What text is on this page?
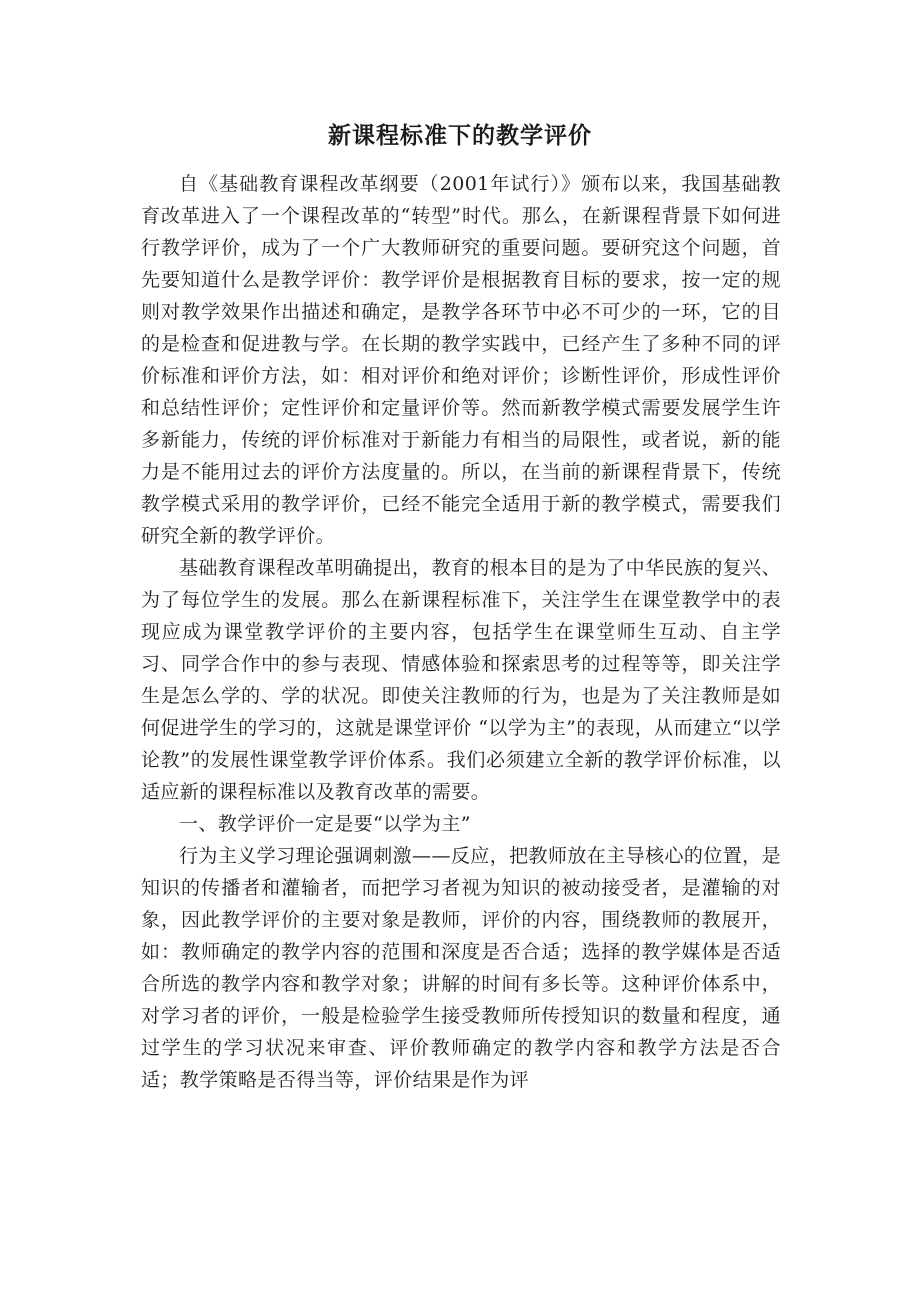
新课程标准下的教学评价

自《基础教育课程改革纲要（2001年试行）》颁布以来，我国基础教育改革进入了一个课程改革的“转型”时代。那么，在新课程背景下如何进行教学评价，成为了一个广大教师研究的重要问题。要研究这个问题，首先要知道什么是教学评价：教学评价是根据教育目标的要求，按一定的规则对教学效果作出描述和确定，是教学各环节中必不可少的一环，它的目的是检查和促进教与学。在长期的教学实践中，已经产生了多种不同的评价标准和评价方法，如：相对评价和绝对评价；诊断性评价，形成性评价和总结性评价；定性评价和定量评价等。然而新教学模式需要发展学生许多新能力，传统的评价标准对于新能力有相当的局限性，或者说，新的能力是不能用过去的评价方法度量的。所以，在当前的新课程背景下，传统教学模式采用的教学评价，已经不能完全适用于新的教学模式，需要我们研究全新的教学评价。

基础教育课程改革明确提出，教育的根本目的是为了中华民族的复兴、为了每位学生的发展。那么在新课程标准下，关注学生在课堂教学中的表现应成为课堂教学评价的主要内容，包括学生在课堂师生互动、自主学习、同学合作中的参与表现、情感体验和探索思考的过程等等，即关注学生是怎么学的、学的状况。即使关注教师的行为，也是为了关注教师是如何促进学生的学习的，这就是课堂评价 “以学为主”的表现，从而建立“以学论教”的发展性课堂教学评价体系。我们必须建立全新的教学评价标准，以适应新的课程标准以及教育改革的需要。

一、教学评价一定是要“以学为主”

行为主义学习理论强调刺激——反应，把教师放在主导核心的位置，是知识的传播者和灌输者，而把学习者视为知识的被动接受者，是灌输的对象，因此教学评价的主要对象是教师，评价的内容，围绕教师的教展开，如：教师确定的教学内容的范围和深度是否合适；选择的教学媒体是否适合所选的教学内容和教学对象；讲解的时间有多长等。这种评价体系中，对学习者的评价，一般是检验学生接受教师所传授知识的数量和程度，通过学生的学习状况来审查、评价教师确定的教学内容和教学方法是否合适；教学策略是否得当等，评价结果是作为评
